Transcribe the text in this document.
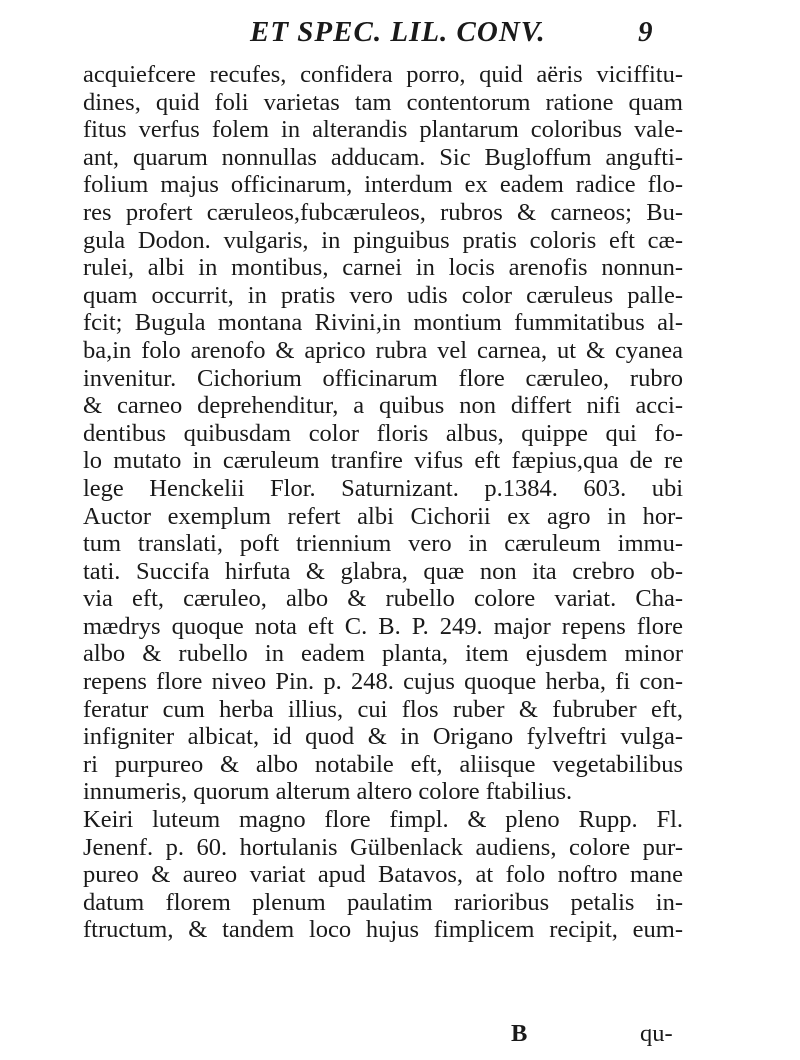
ET SPEC. LIL. CONV.	9
acquiefcere recufes, confidera porro, quid aëris viciffitu-
dines, quid foli varietas tam contentorum ratione quam
fitus verfus folem in alterandis plantarum coloribus vale-
ant, quarum nonnullas adducam. Sic Bugloffum angufti-
folium majus officinarum, interdum ex eadem radice flo-
res profert cæruleos,fubcæruleos, rubros & carneos; Bu-
gula Dodon. vulgaris, in pinguibus pratis coloris eft cæ-
rulei, albi in montibus, carnei in locis arenofis nonnun-
quam occurrit, in pratis vero udis color cæruleus palle-
fcit; Bugula montana Rivini,in montium fummitatibus al-
ba,in folo arenofo & aprico rubra vel carnea, ut & cyanea
invenitur. Cichorium officinarum flore cæruleo, rubro
& carneo deprehenditur, a quibus non differt nifi acci-
dentibus quibusdam color floris albus, quippe qui fo-
lo mutato in cæruleum tranfire vifus eft fæpius,qua de re
lege Henckelii Flor. Saturnizant. p.1384. 603. ubi
Auctor exemplum refert albi Cichorii ex agro in hor-
tum translati, poft triennium vero in cæruleum immu-
tati. Succifa hirfuta & glabra, quæ non ita crebro ob-
via eft, cæruleo, albo & rubello colore variat. Cha-
mædrys quoque nota eft C. B. P. 249. major repens flore
albo & rubello in eadem planta, item ejusdem minor
repens flore niveo Pin. p. 248. cujus quoque herba, fi con-
feratur cum herba illius, cui flos ruber & fubruber eft,
infigniter albicat, id quod & in Origano fylveftri vulga-
ri purpureo & albo notabile eft, aliisque vegetabilibus
innumeris, quorum alterum altero colore ftabilius.
Keiri luteum magno flore fimpl. & pleno Rupp. Fl.
Jenenf. p. 60. hortulanis Gülbenlack audiens, colore pur-
pureo & aureo variat apud Batavos, at folo noftro mane
datum florem plenum paulatim rarioribus petalis in-
ftructum, & tandem loco hujus fimplicem recipit, eum-
B	qu-
